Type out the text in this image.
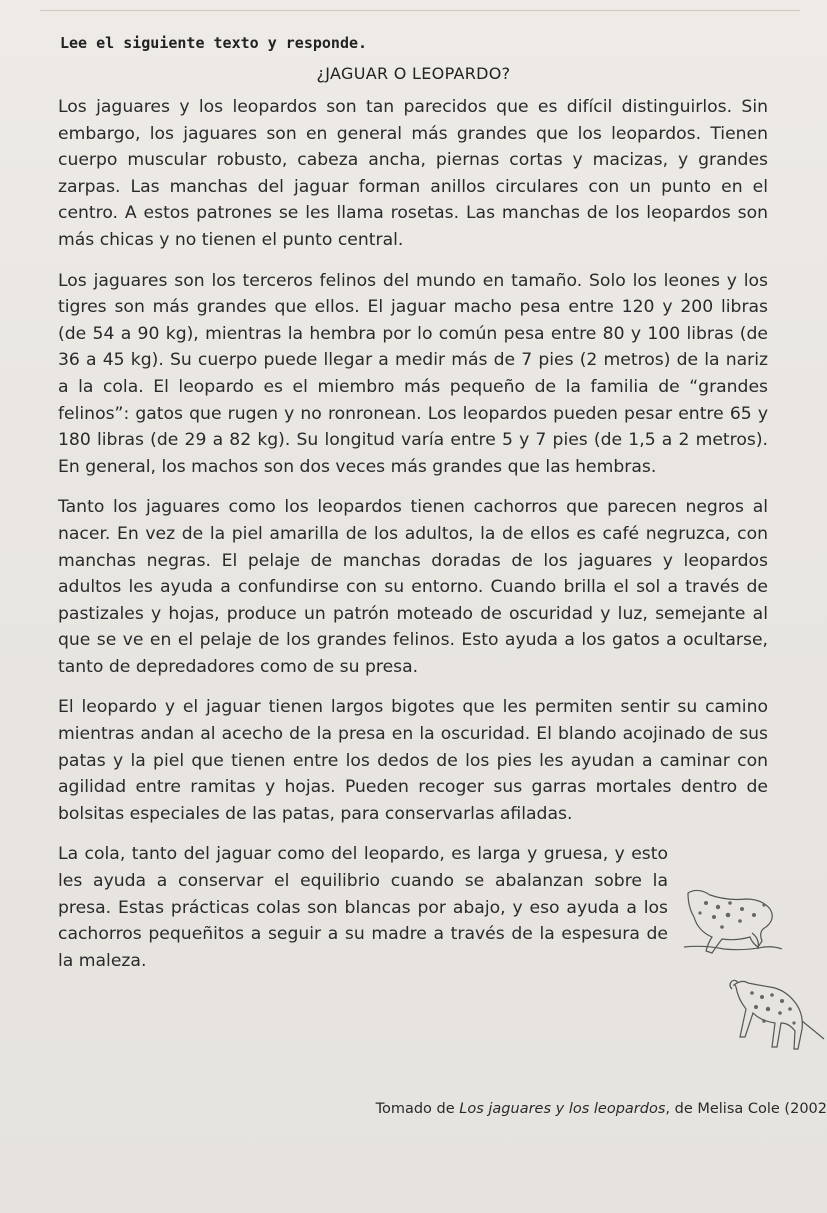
Lee el siguiente texto y responde.
¿JAGUAR O LEOPARDO?

Los jaguares y los leopardos son tan parecidos que es difícil distinguirlos. Sin embargo, los jaguares son en general más grandes que los leopardos. Tienen cuerpo muscular robusto, cabeza ancha, piernas cortas y macizas, y grandes zarpas. Las manchas del jaguar forman anillos circulares con un punto en el centro. A estos patrones se les llama rosetas. Las manchas de los leopardos son más chicas y no tienen el punto central.

Los jaguares son los terceros felinos del mundo en tamaño. Solo los leones y los tigres son más grandes que ellos. El jaguar macho pesa entre 120 y 200 libras (de 54 a 90 kg), mientras la hembra por lo común pesa entre 80 y 100 libras (de 36 a 45 kg). Su cuerpo puede llegar a medir más de 7 pies (2 metros) de la nariz a la cola. El leopardo es el miembro más pequeño de la familia de “grandes felinos”: gatos que rugen y no ronronean. Los leopardos pueden pesar entre 65 y 180 libras (de 29 a 82 kg). Su longitud varía entre 5 y 7 pies (de 1,5 a 2 metros). En general, los machos son dos veces más grandes que las hembras.

Tanto los jaguares como los leopardos tienen cachorros que parecen negros al nacer. En vez de la piel amarilla de los adultos, la de ellos es café negruzca, con manchas negras. El pelaje de manchas doradas de los jaguares y leopardos adultos les ayuda a confundirse con su entorno. Cuando brilla el sol a través de pastizales y hojas, produce un patrón moteado de oscuridad y luz, semejante al que se ve en el pelaje de los grandes felinos. Esto ayuda a los gatos a ocultarse, tanto de depredadores como de su presa.

El leopardo y el jaguar tienen largos bigotes que les permiten sentir su camino mientras andan al acecho de la presa en la oscuridad. El blando acojinado de sus patas y la piel que tienen entre los dedos de los pies les ayudan a caminar con agilidad entre ramitas y hojas. Pueden recoger sus garras mortales dentro de bolsitas especiales de las patas, para conservarlas afiladas.

La cola, tanto del jaguar como del leopardo, es larga y gruesa, y esto les ayuda a conservar el equilibrio cuando se abalanzan sobre la presa. Estas prácticas colas son blancas por abajo, y eso ayuda a los cachorros pequeñitos a seguir a su madre a través de la espesura de la maleza.

Tomado de Los jaguares y los leopardos, de Melisa Cole (2002
